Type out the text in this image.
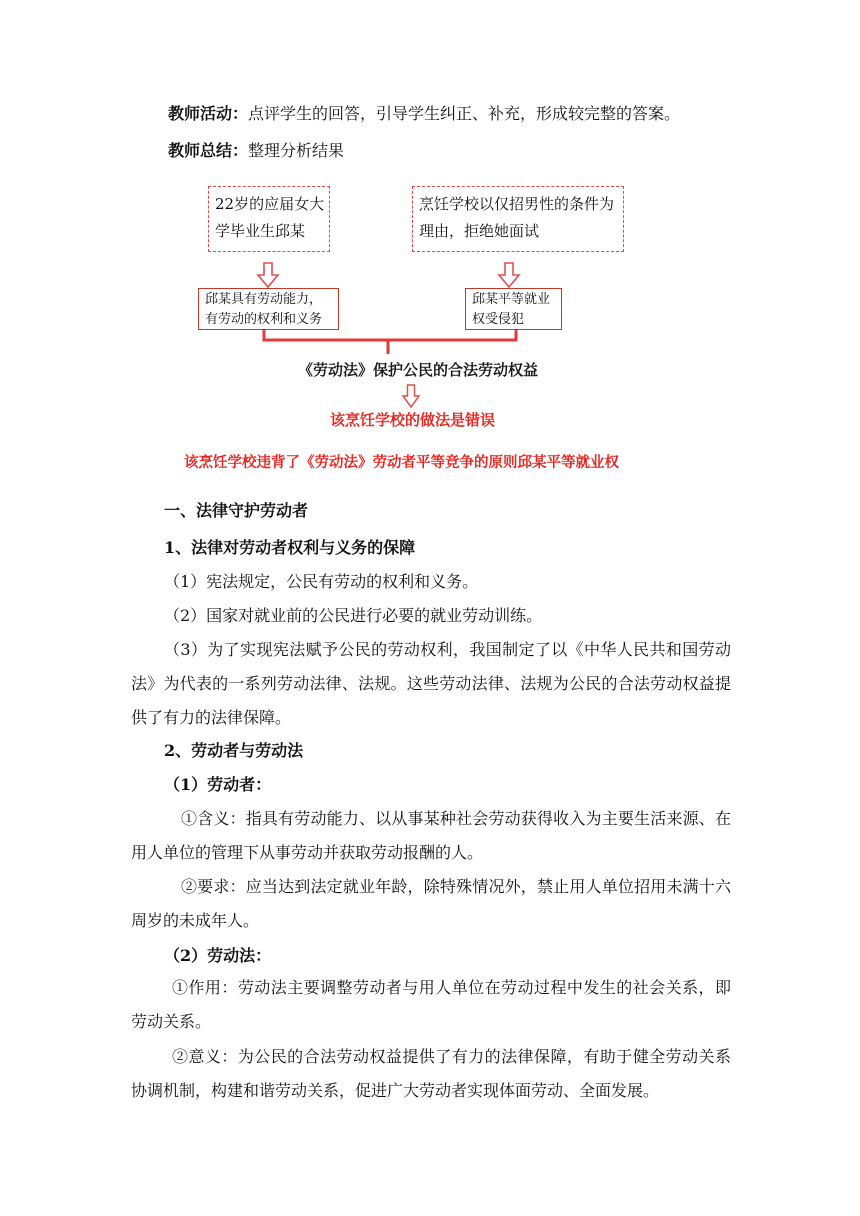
教师活动：点评学生的回答，引导学生纠正、补充，形成较完整的答案。
教师总结：整理分析结果
22岁的应届女大
学毕业生邱某
烹饪学校以仅招男性的条件为
理由，拒绝她面试
邱某具有劳动能力，
有劳动的权利和义务
邱某平等就业
权受侵犯
《劳动法》保护公民的合法劳动权益
该烹饪学校的做法是错误
该烹饪学校违背了《劳动法》劳动者平等竞争的原则邱某平等就业权
一、法律守护劳动者
1、法律对劳动者权利与义务的保障
（1）宪法规定，公民有劳动的权利和义务。
（2）国家对就业前的公民进行必要的就业劳动训练。
（3）为了实现宪法赋予公民的劳动权利，我国制定了以《中华人民共和国劳动法》为代表的一系列劳动法律、法规。这些劳动法律、法规为公民的合法劳动权益提供了有力的法律保障。
2、劳动者与劳动法
（1）劳动者：
①含义：指具有劳动能力、以从事某种社会劳动获得收入为主要生活来源、在用人单位的管理下从事劳动并获取劳动报酬的人。
②要求：应当达到法定就业年龄，除特殊情况外，禁止用人单位招用未满十六周岁的未成年人。
（2）劳动法：
①作用：劳动法主要调整劳动者与用人单位在劳动过程中发生的社会关系，即劳动关系。
②意义：为公民的合法劳动权益提供了有力的法律保障，有助于健全劳动关系协调机制，构建和谐劳动关系，促进广大劳动者实现体面劳动、全面发展。
